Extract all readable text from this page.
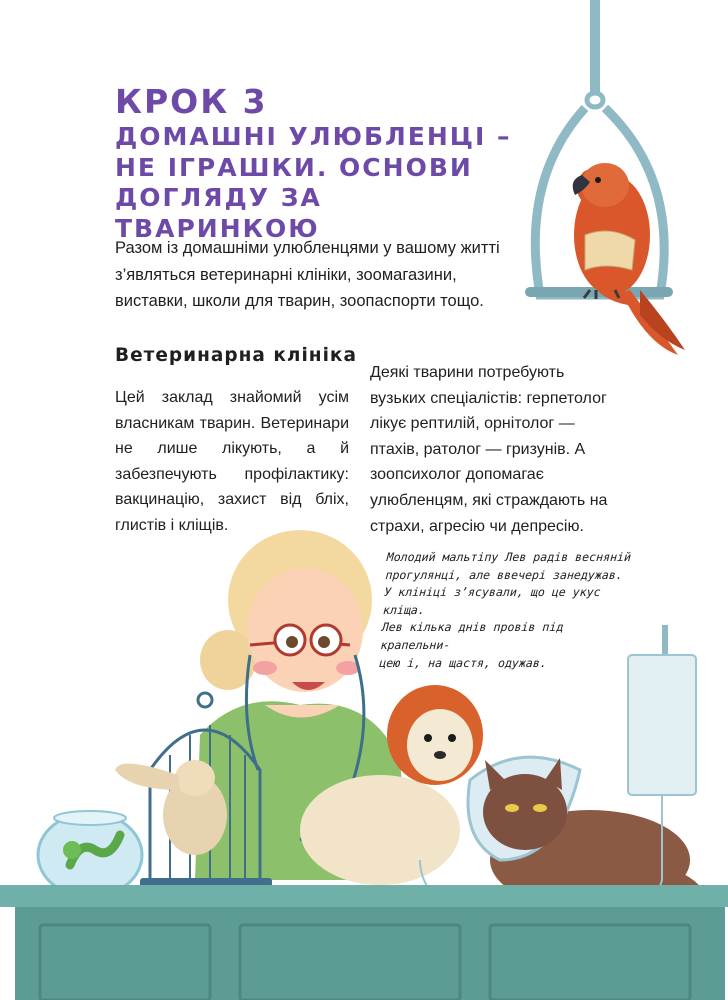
КРОК 3
ДОМАШНІ УЛЮБЛЕНЦІ –
НЕ ІГРАШКИ. ОСНОВИ
ДОГЛЯДУ ЗА ТВАРИНКОЮ

Разом із домашніми улюбленцями у вашому житті з’являться ветеринарні клініки, зоомагазини, виставки, школи для тварин, зоопаспорти тощо.

Ветеринарна клініка

Цей заклад знайомий усім власникам тварин. Ветеринари не лише лікують, а й забезпечують профілактику: вакцинацію, захист від бліх, глистів і кліщів.

Деякі тварини потребують вузьких спеціалістів: герпетолог лікує рептилій, орнітолог — птахів, ратолог — гризунів. А зоопсихолог допомагає улюбленцям, які страждають на страхи, агресію чи депресію.

Молодий мальтіпу Лев радів весняній
прогулянці, але ввечері занедужав.
У клініці з’ясували, що це укус кліща.
Лев кілька днів провів під крапельни-
цею і, на щастя, одужав.
